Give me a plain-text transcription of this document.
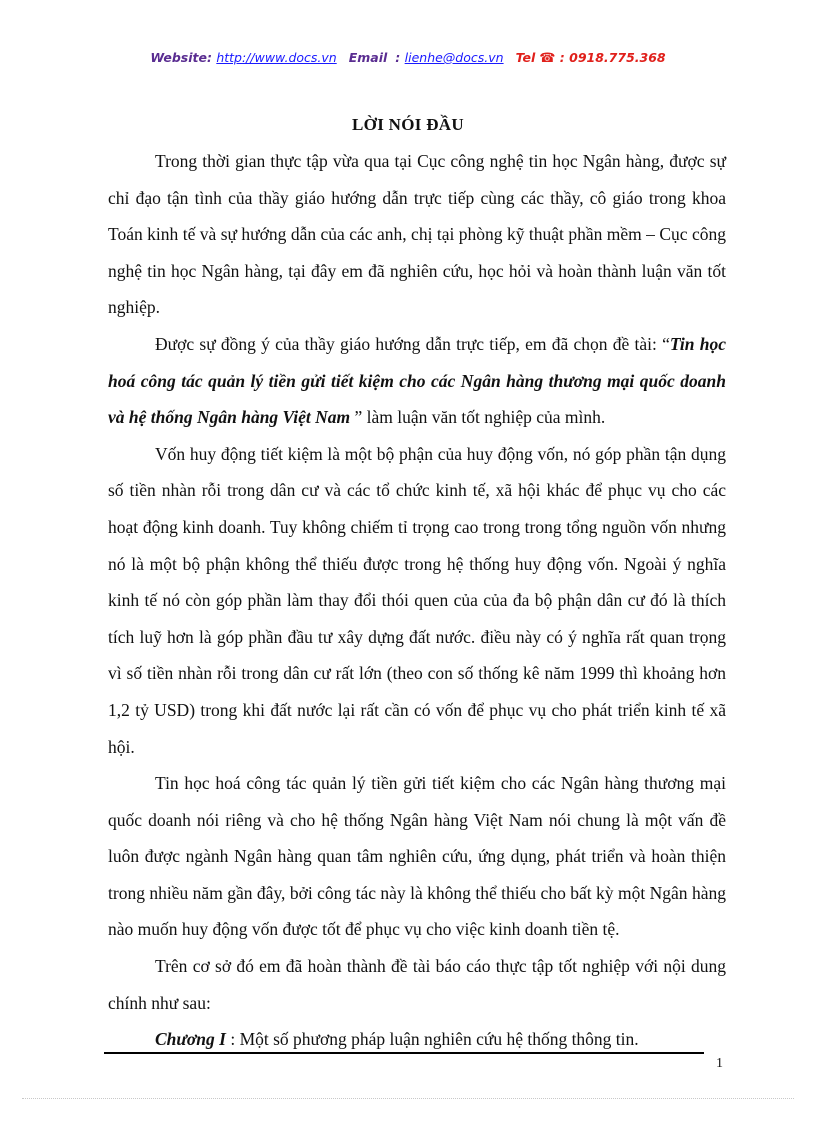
Website: http://www.docs.vn Email : lienhe@docs.vn Tel ☎ : 0918.775.368
LỜI NÓI ĐẦU

Trong thời gian thực tập vừa qua tại Cục công nghệ tin học Ngân hàng, được sự chỉ đạo tận tình của thầy giáo hướng dẫn trực tiếp cùng các thầy, cô giáo trong khoa Toán kinh tế và sự hướng dẫn của các anh, chị tại phòng kỹ thuật phần mềm – Cục công nghệ tin học Ngân hàng, tại đây em đã nghiên cứu, học hỏi và hoàn thành luận văn tốt nghiệp.

Được sự đồng ý của thầy giáo hướng dẫn trực tiếp, em đã chọn đề tài: “Tin học hoá công tác quản lý tiền gửi tiết kiệm cho các Ngân hàng thương mại quốc doanh và hệ thống Ngân hàng Việt Nam ” làm luận văn tốt nghiệp của mình.

Vốn huy động tiết kiệm là một bộ phận của huy động vốn, nó góp phần tận dụng số tiền nhàn rỗi trong dân cư và các tổ chức kinh tế, xã hội khác để phục vụ cho các hoạt động kinh doanh. Tuy không chiếm tỉ trọng cao trong trong tổng nguồn vốn nhưng nó là một bộ phận không thể thiếu được trong hệ thống huy động vốn. Ngoài ý nghĩa kinh tế nó còn góp phần làm thay đổi thói quen của của đa bộ phận dân cư đó là thích tích luỹ hơn là góp phần đầu tư xây dựng đất nước. điều này có ý nghĩa rất quan trọng vì số tiền nhàn rỗi trong dân cư rất lớn (theo con số thống kê năm 1999 thì khoảng hơn 1,2 tỷ USD) trong khi đất nước lại rất cần có vốn để phục vụ cho phát triển kinh tế xã hội.

Tin học hoá công tác quản lý tiền gửi tiết kiệm cho các Ngân hàng thương mại quốc doanh nói riêng và cho hệ thống Ngân hàng Việt Nam nói chung là một vấn đề luôn được ngành Ngân hàng quan tâm nghiên cứu, ứng dụng, phát triển và hoàn thiện trong nhiều năm gần đây, bởi công tác này là không thể thiếu cho bất kỳ một Ngân hàng nào muốn huy động vốn được tốt để phục vụ cho việc kinh doanh tiền tệ.

Trên cơ sở đó em đã hoàn thành đề tài báo cáo thực tập tốt nghiệp với nội dung chính như sau:

Chương I : Một số phương pháp luận nghiên cứu hệ thống thông tin.

1
